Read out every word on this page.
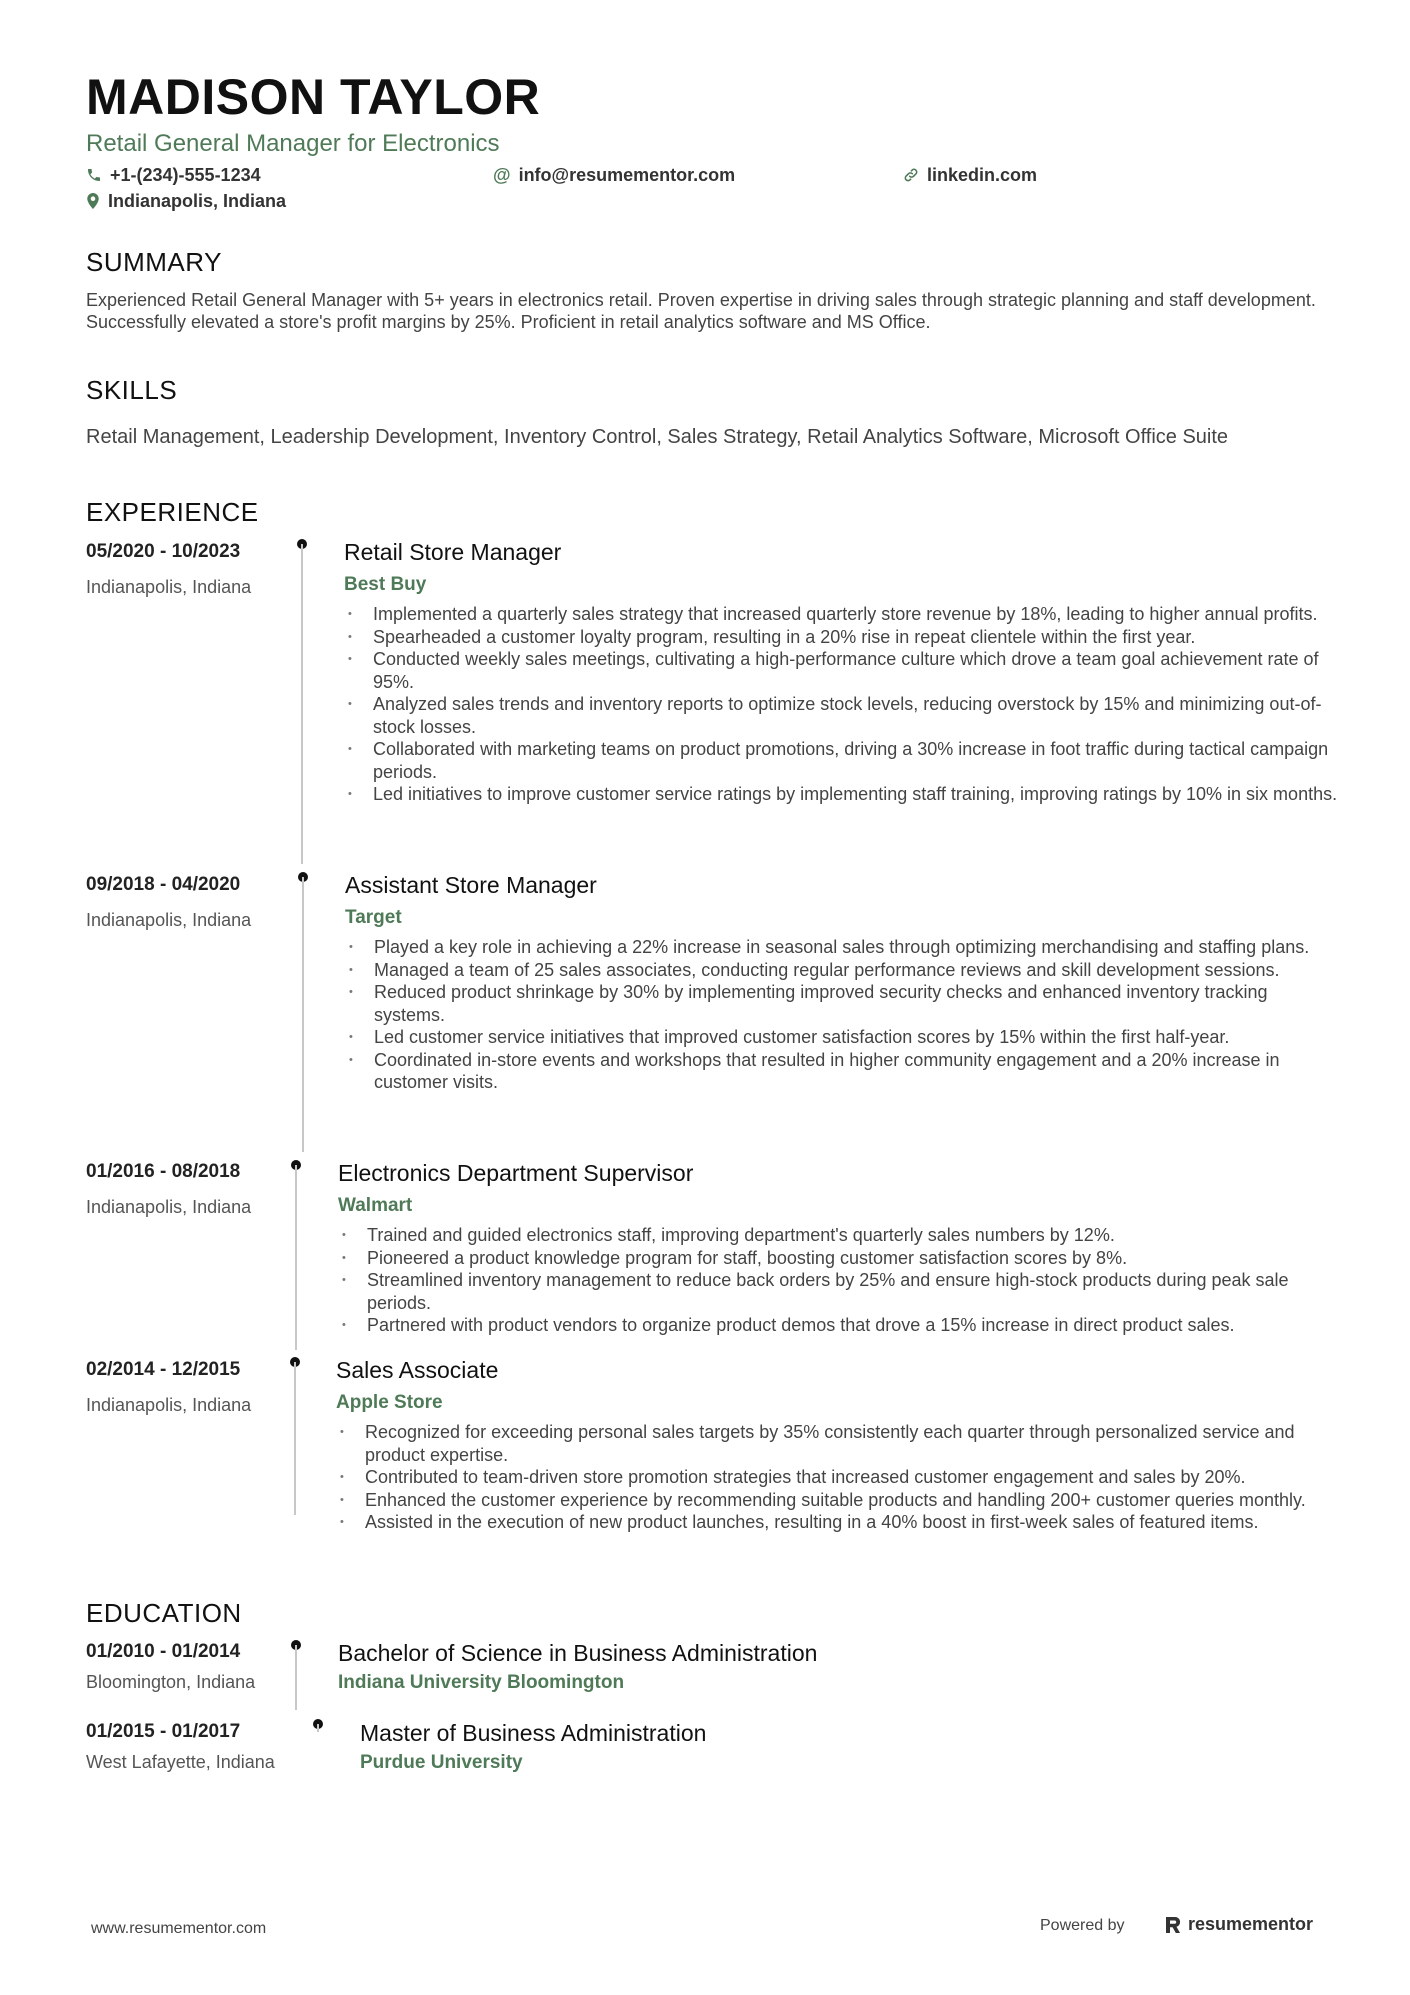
MADISON TAYLOR
Retail General Manager for Electronics
+1-(234)-555-1234	@ info@resumementor.com	linkedin.com
Indianapolis, Indiana
SUMMARY
Experienced Retail General Manager with 5+ years in electronics retail. Proven expertise in driving sales through strategic planning and staff development. Successfully elevated a store's profit margins by 25%. Proficient in retail analytics software and MS Office.
SKILLS
Retail Management, Leadership Development, Inventory Control, Sales Strategy, Retail Analytics Software, Microsoft Office Suite
EXPERIENCE
05/2020 - 10/2023
Indianapolis, Indiana
Retail Store Manager
Best Buy
• Implemented a quarterly sales strategy that increased quarterly store revenue by 18%, leading to higher annual profits.
• Spearheaded a customer loyalty program, resulting in a 20% rise in repeat clientele within the first year.
• Conducted weekly sales meetings, cultivating a high-performance culture which drove a team goal achievement rate of 95%.
• Analyzed sales trends and inventory reports to optimize stock levels, reducing overstock by 15% and minimizing out-of-stock losses.
• Collaborated with marketing teams on product promotions, driving a 30% increase in foot traffic during tactical campaign periods.
• Led initiatives to improve customer service ratings by implementing staff training, improving ratings by 10% in six months.
09/2018 - 04/2020
Indianapolis, Indiana
Assistant Store Manager
Target
• Played a key role in achieving a 22% increase in seasonal sales through optimizing merchandising and staffing plans.
• Managed a team of 25 sales associates, conducting regular performance reviews and skill development sessions.
• Reduced product shrinkage by 30% by implementing improved security checks and enhanced inventory tracking systems.
• Led customer service initiatives that improved customer satisfaction scores by 15% within the first half-year.
• Coordinated in-store events and workshops that resulted in higher community engagement and a 20% increase in customer visits.
01/2016 - 08/2018
Indianapolis, Indiana
Electronics Department Supervisor
Walmart
• Trained and guided electronics staff, improving department's quarterly sales numbers by 12%.
• Pioneered a product knowledge program for staff, boosting customer satisfaction scores by 8%.
• Streamlined inventory management to reduce back orders by 25% and ensure high-stock products during peak sale periods.
• Partnered with product vendors to organize product demos that drove a 15% increase in direct product sales.
02/2014 - 12/2015
Indianapolis, Indiana
Sales Associate
Apple Store
• Recognized for exceeding personal sales targets by 35% consistently each quarter through personalized service and product expertise.
• Contributed to team-driven store promotion strategies that increased customer engagement and sales by 20%.
• Enhanced the customer experience by recommending suitable products and handling 200+ customer queries monthly.
• Assisted in the execution of new product launches, resulting in a 40% boost in first-week sales of featured items.
EDUCATION
01/2010 - 01/2014
Bloomington, Indiana
Bachelor of Science in Business Administration
Indiana University Bloomington
01/2015 - 01/2017
West Lafayette, Indiana
Master of Business Administration
Purdue University
www.resumementor.com	Powered by	resumementor
